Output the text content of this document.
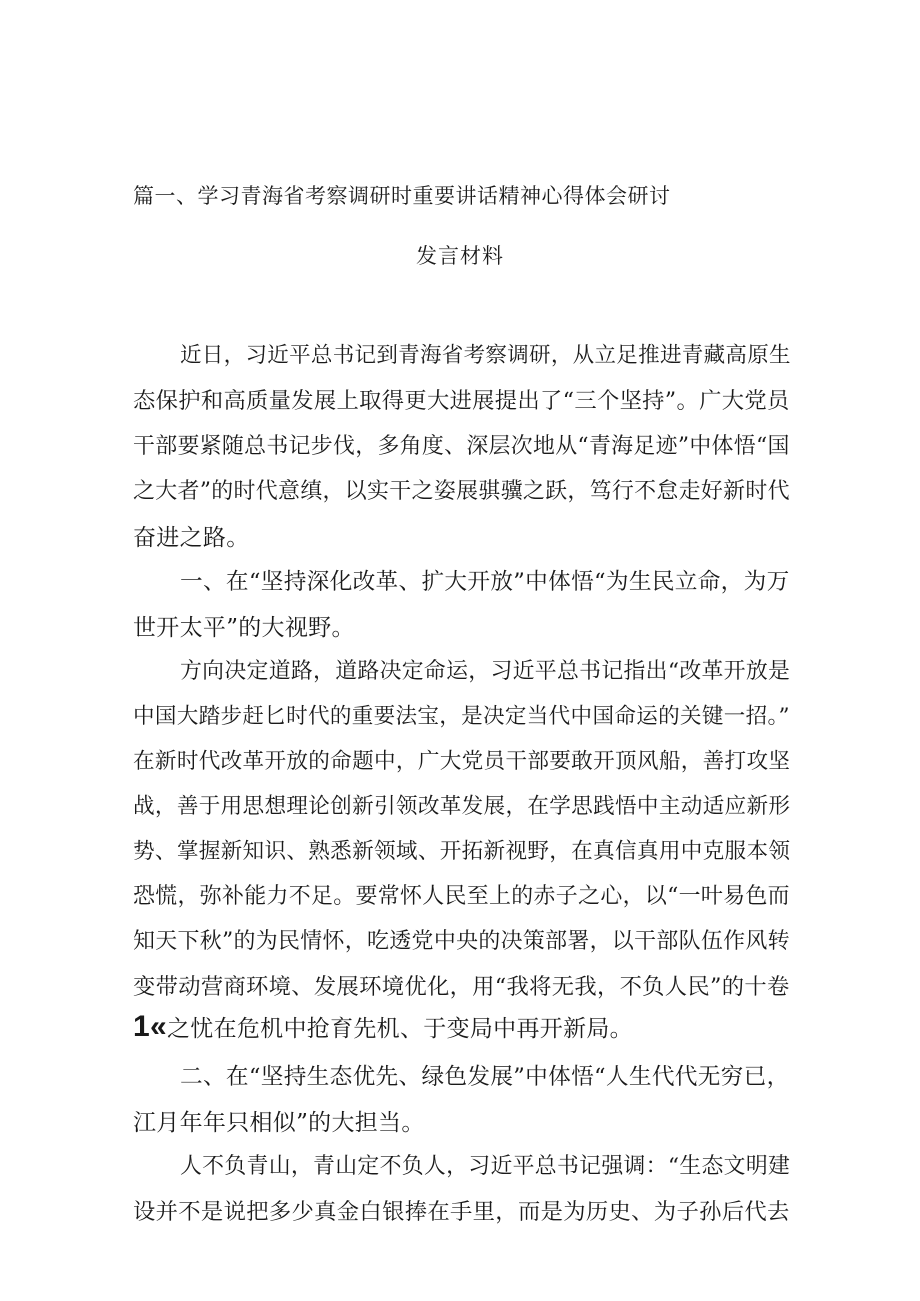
篇一、学习青海省考察调研时重要讲话精神心得体会研讨
发言材料
近日，习近平总书记到青海省考察调研，从立足推进青藏高原生
态保护和高质量发展上取得更大进展提出了“三个坚持”。广大党员
干部要紧随总书记步伐，多角度、深层次地从“青海足迹”中体悟“国
之大者”的时代意缜，以实干之姿展骐骥之跃，笃行不怠走好新时代
奋进之路。
一、在“坚持深化改革、扩大开放”中体悟“为生民立命，为万
世开太平”的大视野。
方向决定道路，道路决定命运，习近平总书记指出“改革开放是
中国大踏步赶匕时代的重要法宝，是决定当代中国命运的关键一招。”
在新时代改革开放的命题中，广大党员干部要敢开顶风船，善打攻坚
战，善于用思想理论创新引领改革发展，在学思践悟中主动适应新形
势、掌握新知识、熟悉新领域、开拓新视野，在真信真用中克服本领
恐慌，弥补能力不足。要常怀人民至上的赤子之心，以“一叶易色而
知天下秋”的为民情怀，吃透党中央的决策部署，以干部队伍作风转
变带动营商环境、发展环境优化，用“我将无我，不负人民”的十卷
1«之忧在危机中抢育先机、于变局中再开新局。
二、在“坚持生态优先、绿色发展”中体悟“人生代代无穷已，
江月年年只相似”的大担当。
人不负青山，青山定不负人，习近平总书记强调：“生态文明建
设并不是说把多少真金白银捧在手里，而是为历史、为子孙后代去
